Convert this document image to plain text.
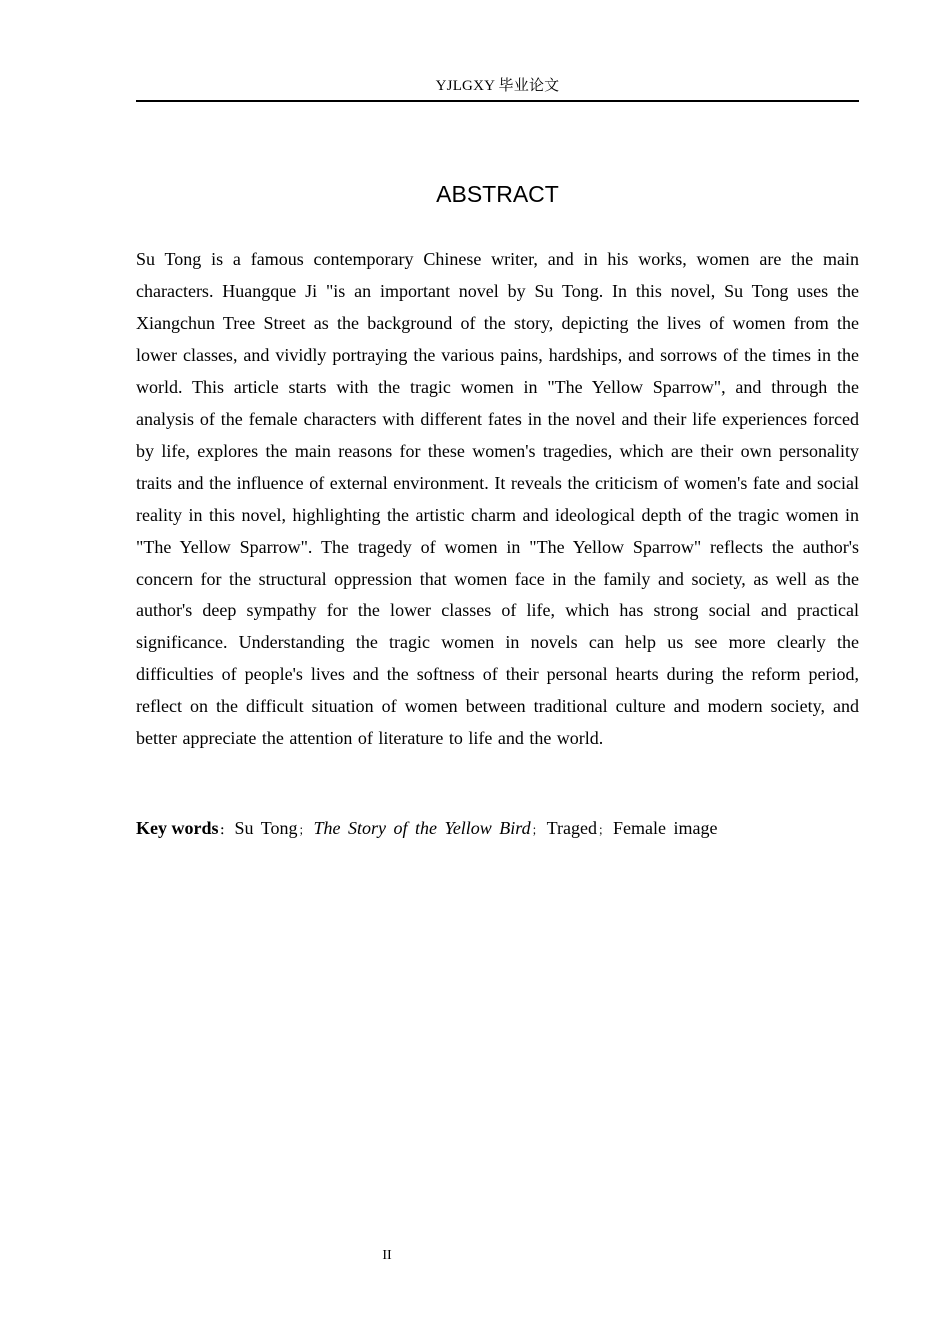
YJLGXY 毕业论文
ABSTRACT

Su Tong is a famous contemporary Chinese writer, and in his works, women are the main characters. Huangque Ji "is an important novel by Su Tong. In this novel, Su Tong uses the Xiangchun Tree Street as the background of the story, depicting the lives of women from the lower classes, and vividly portraying the various pains, hardships, and sorrows of the times in the world. This article starts with the tragic women in "The Yellow Sparrow", and through the analysis of the female characters with different fates in the novel and their life experiences forced by life, explores the main reasons for these women's tragedies, which are their own personality traits and the influence of external environment. It reveals the criticism of women's fate and social reality in this novel, highlighting the artistic charm and ideological depth of the tragic women in "The Yellow Sparrow". The tragedy of women in "The Yellow Sparrow" reflects the author's concern for the structural oppression that women face in the family and society, as well as the author's deep sympathy for the lower classes of life, which has strong social and practical significance. Understanding the tragic women in novels can help us see more clearly the difficulties of people's lives and the softness of their personal hearts during the reform period, reflect on the difficult situation of women between traditional culture and modern society, and better appreciate the attention of literature to life and the world.

Key words： Su Tong； The Story of the Yellow Bird； Traged； Female image

II
